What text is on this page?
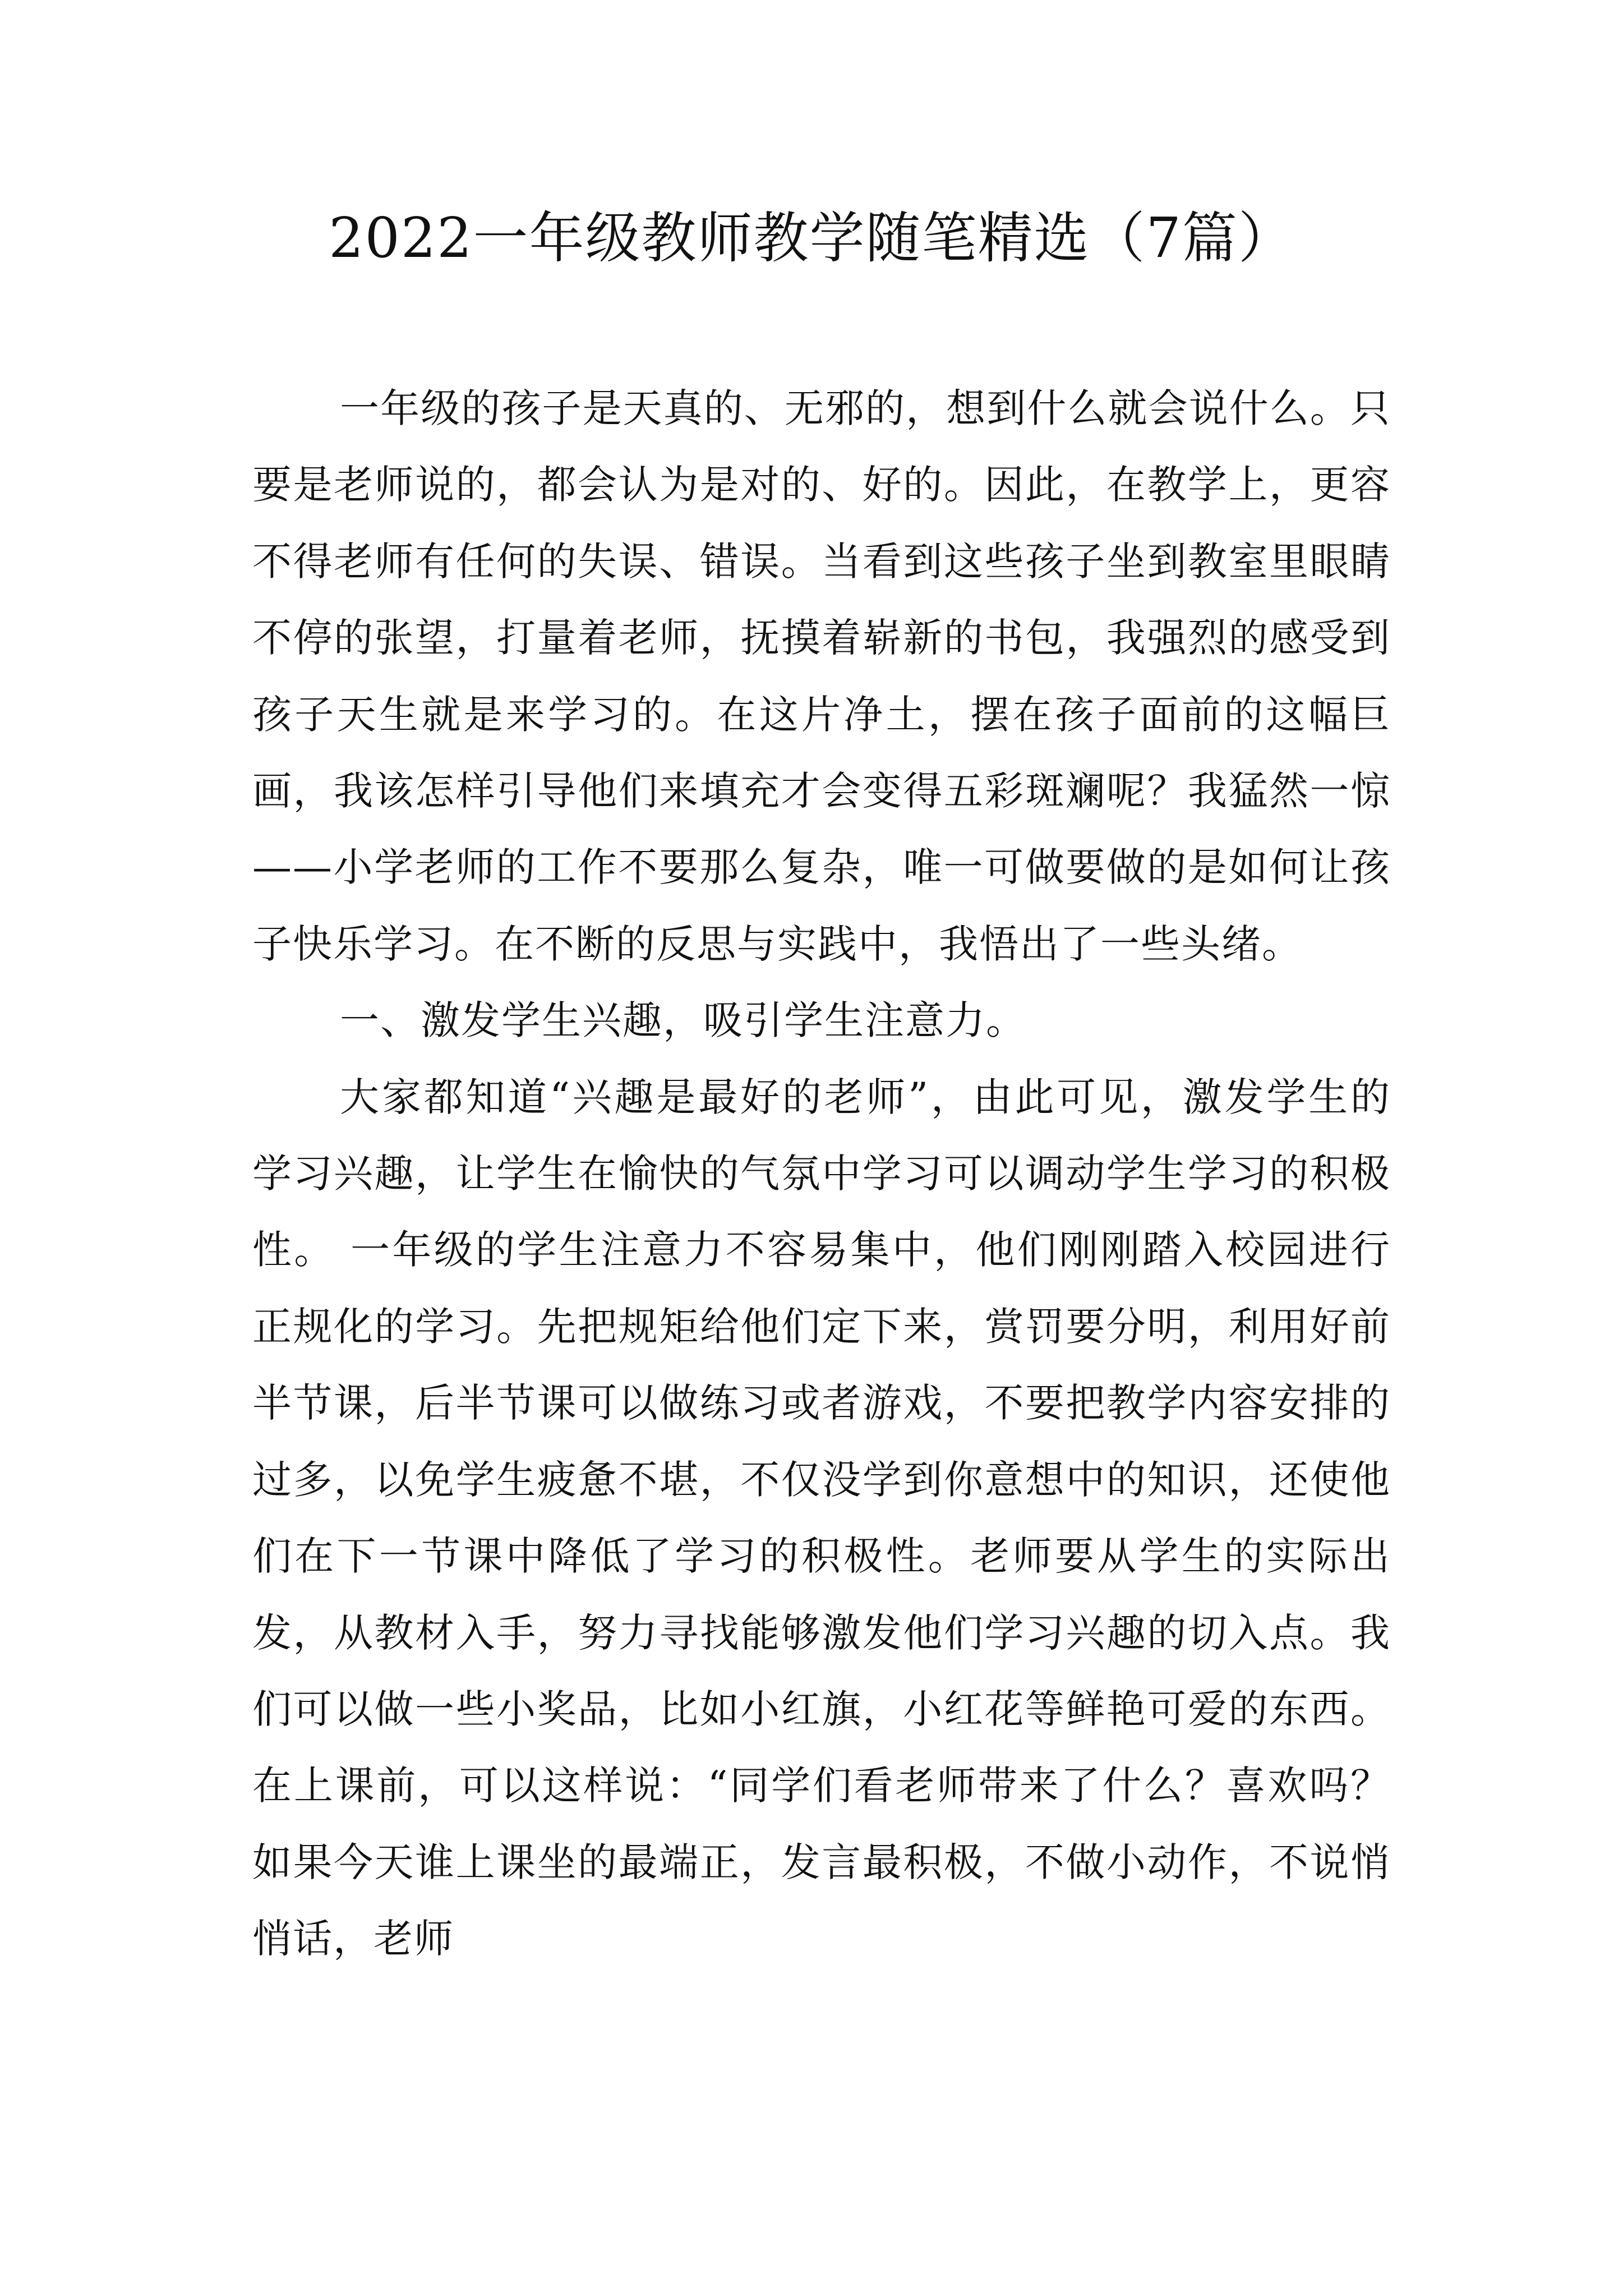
2022一年级教师教学随笔精选（7篇）

一年级的孩子是天真的、无邪的，想到什么就会说什么。只要是老师说的，都会认为是对的、好的。因此，在教学上，更容不得老师有任何的失误、错误。当看到这些孩子坐到教室里眼睛不停的张望，打量着老师，抚摸着崭新的书包，我强烈的感受到孩子天生就是来学习的。在这片净土，摆在孩子面前的这幅巨画，我该怎样引导他们来填充才会变得五彩斑斓呢？我猛然一惊——小学老师的工作不要那么复杂，唯一可做要做的是如何让孩子快乐学习。在不断的反思与实践中，我悟出了一些头绪。

一、激发学生兴趣，吸引学生注意力。

大家都知道“兴趣是最好的老师”，由此可见，激发学生的学习兴趣，让学生在愉快的气氛中学习可以调动学生学习的积极性。 一年级的学生注意力不容易集中，他们刚刚踏入校园进行正规化的学习。先把规矩给他们定下来，赏罚要分明，利用好前半节课，后半节课可以做练习或者游戏，不要把教学内容安排的过多，以免学生疲惫不堪，不仅没学到你意想中的知识，还使他们在下一节课中降低了学习的积极性。老师要从学生的实际出发，从教材入手，努力寻找能够激发他们学习兴趣的切入点。我们可以做一些小奖品，比如小红旗，小红花等鲜艳可爱的东西。在上课前，可以这样说：“同学们看老师带来了什么？喜欢吗？如果今天谁上课坐的最端正，发言最积极，不做小动作，不说悄悄话，老师
